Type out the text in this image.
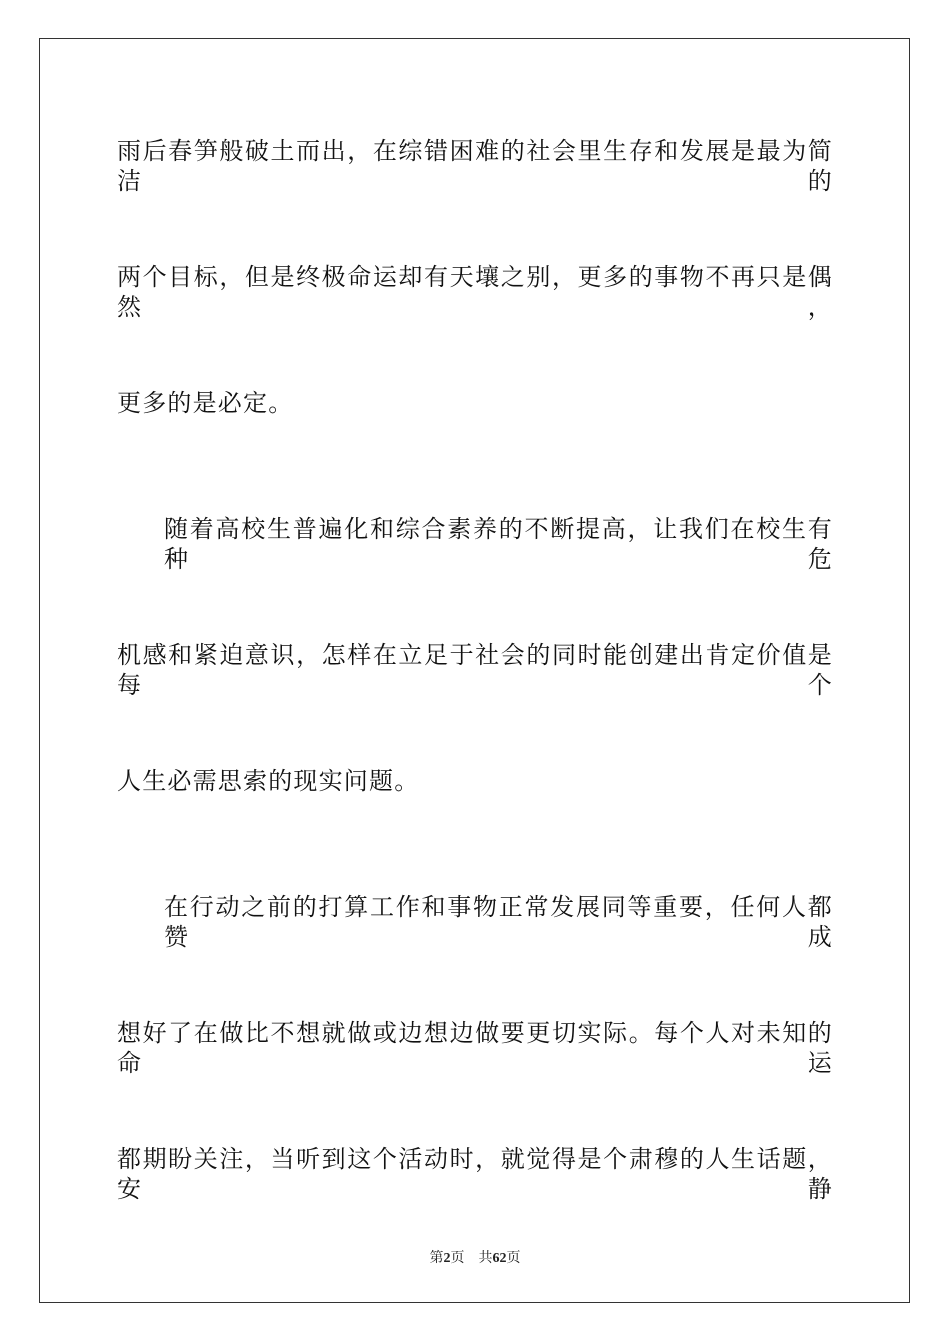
雨后春笋般破土而出，在综错困难的社会里生存和发展是最为简洁的
两个目标，但是终极命运却有天壤之别，更多的事物不再只是偶然，
更多的是必定。
随着高校生普遍化和综合素养的不断提高，让我们在校生有种危
机感和紧迫意识，怎样在立足于社会的同时能创建出肯定价值是每个
人生必需思索的现实问题。
在行动之前的打算工作和事物正常发展同等重要，任何人都赞成
想好了在做比不想就做或边想边做要更切实际。每个人对未知的命运
都期盼关注，当听到这个活动时，就觉得是个肃穆的人生话题，安静
第2页 共62页
